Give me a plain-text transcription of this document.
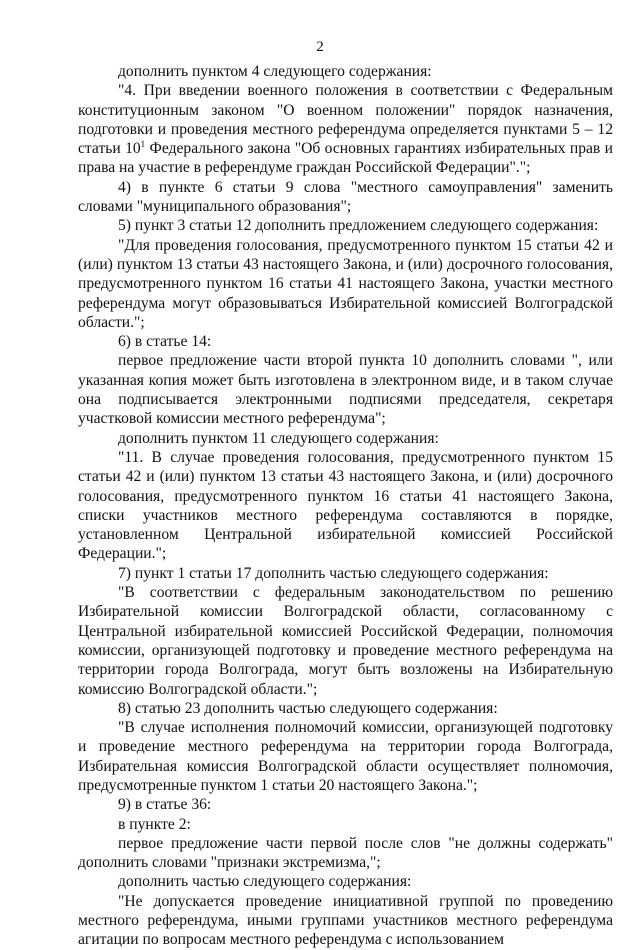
2

дополнить пунктом 4 следующего содержания:

"4. При введении военного положения в соответствии с Федеральным конституционным законом "О военном положении" порядок назначения, подготовки и проведения местного референдума определяется пунктами 5 – 12 статьи $10^1$ Федерального закона "Об основных гарантиях избирательных прав и права на участие в референдуме граждан Российской Федерации".";

4) в пункте 6 статьи 9 слова "местного самоуправления" заменить словами "муниципального образования";

5) пункт 3 статьи 12 дополнить предложением следующего содержания:

"Для проведения голосования, предусмотренного пунктом 15 статьи 42 и (или) пунктом 13 статьи 43 настоящего Закона, и (или) досрочного голосования, предусмотренного пунктом 16 статьи 41 настоящего Закона, участки местного референдума могут образовываться Избирательной комиссией Волгоградской области.";

6) в статье 14:

первое предложение части второй пункта 10 дополнить словами ", или указанная копия может быть изготовлена в электронном виде, и в таком случае она подписывается электронными подписями председателя, секретаря участковой комиссии местного референдума";

дополнить пунктом 11 следующего содержания:

"11. В случае проведения голосования, предусмотренного пунктом 15 статьи 42 и (или) пунктом 13 статьи 43 настоящего Закона, и (или) досрочного голосования, предусмотренного пунктом 16 статьи 41 настоящего Закона, списки участников местного референдума составляются в порядке, установленном Центральной избирательной комиссией Российской Федерации.";

7) пункт 1 статьи 17 дополнить частью следующего содержания:

"В соответствии с федеральным законодательством по решению Избирательной комиссии Волгоградской области, согласованному с Центральной избирательной комиссией Российской Федерации, полномочия комиссии, организующей подготовку и проведение местного референдума на территории города Волгограда, могут быть возложены на Избирательную комиссию Волгоградской области.";

8) статью 23 дополнить частью следующего содержания:

"В случае исполнения полномочий комиссии, организующей подготовку и проведение местного референдума на территории города Волгограда, Избирательная комиссия Волгоградской области осуществляет полномочия, предусмотренные пунктом 1 статьи 20 настоящего Закона.";

9) в статье 36:

в пункте 2:

первое предложение части первой после слов "не должны содержать" дополнить словами "признаки экстремизма,";

дополнить частью следующего содержания:

"Не допускается проведение инициативной группой по проведению местного референдума, иными группами участников местного референдума агитации по вопросам местного референдума с использованием
